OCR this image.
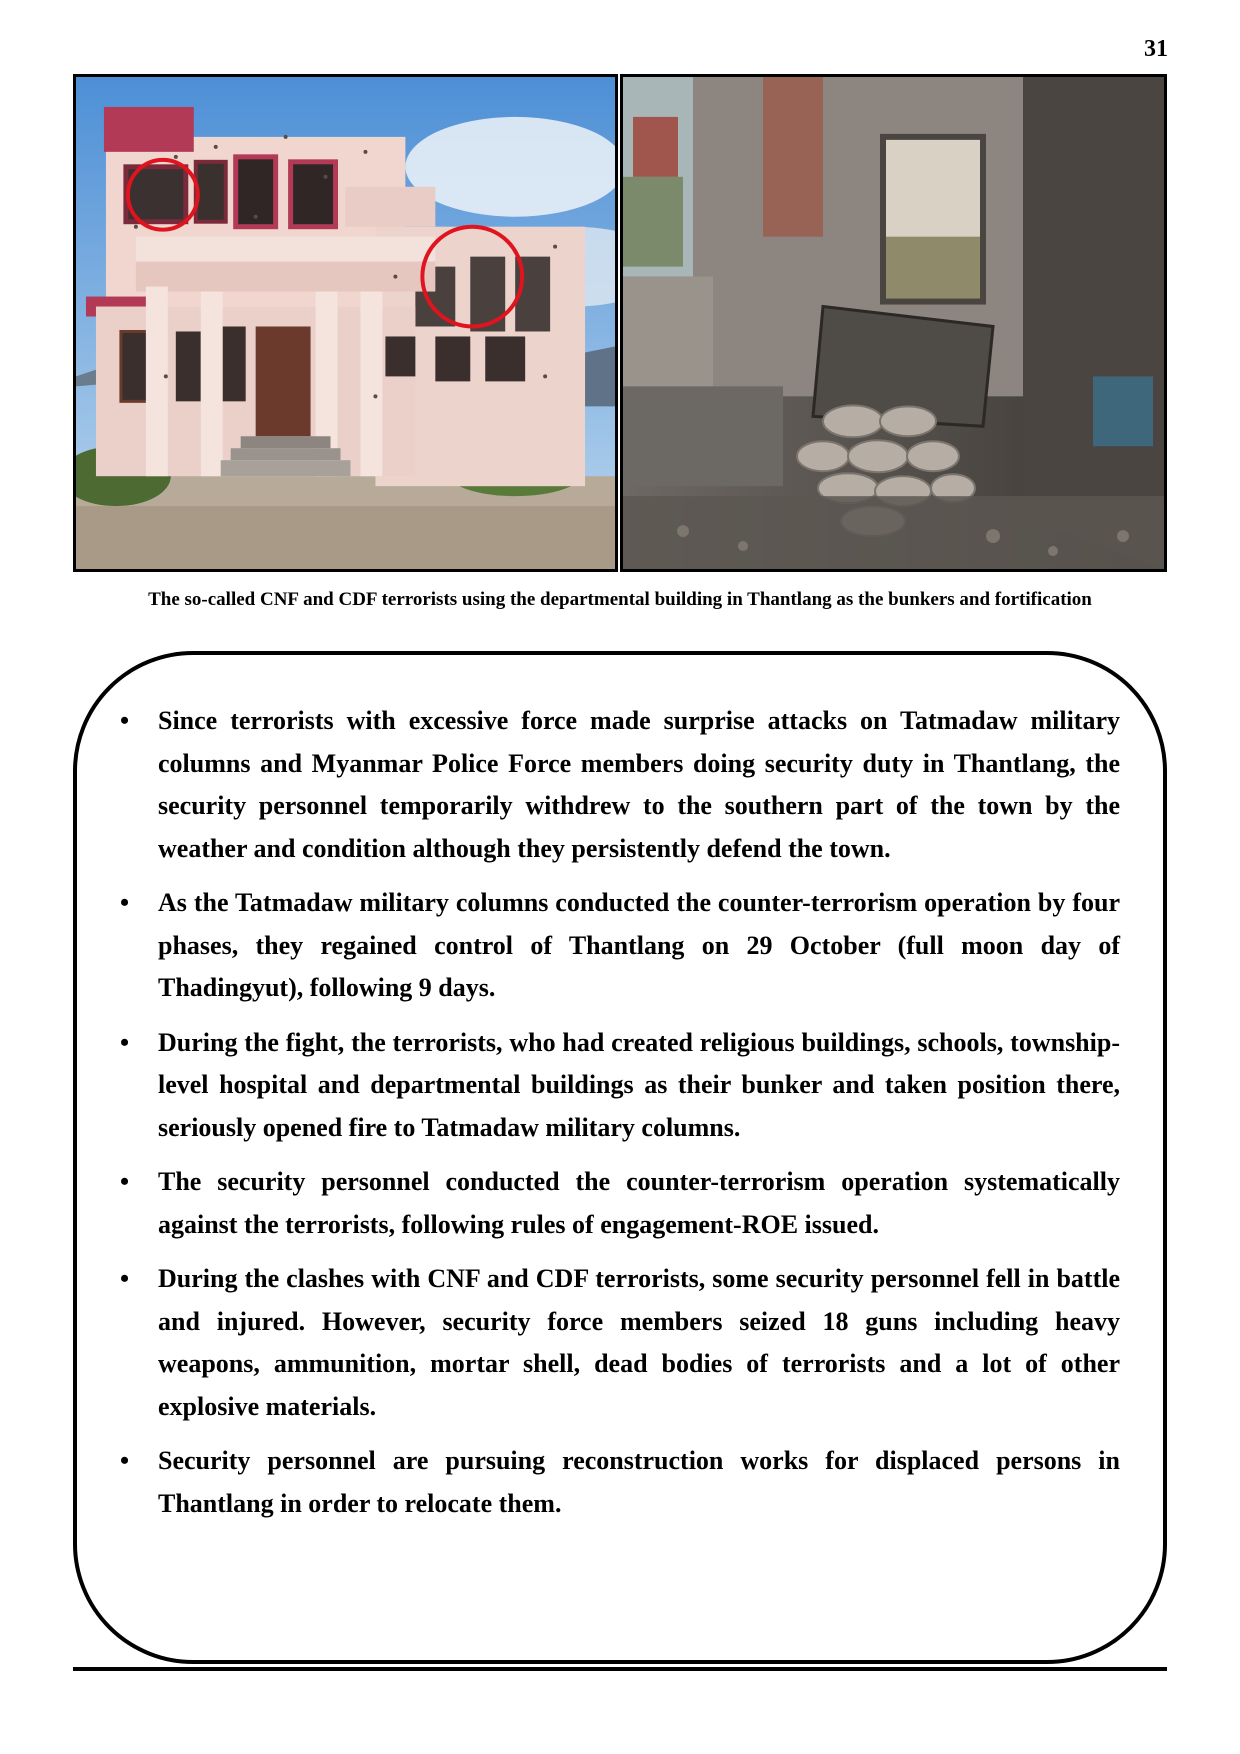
31
The so-called CNF and CDF terrorists using the departmental building in Thantlang as the bunkers and fortification
• Since terrorists with excessive force made surprise attacks on Tatmadaw military columns and Myanmar Police Force members doing security duty in Thantlang, the security personnel temporarily withdrew to the southern part of the town by the weather and condition although they persistently defend the town.
• As the Tatmadaw military columns conducted the counter-terrorism operation by four phases, they regained control of Thantlang on 29 October (full moon day of Thadingyut), following 9 days.
• During the fight, the terrorists, who had created religious buildings, schools, township-level hospital and departmental buildings as their bunker and taken position there, seriously opened fire to Tatmadaw military columns.
• The security personnel conducted the counter-terrorism operation systematically against the terrorists, following rules of engagement-ROE issued.
• During the clashes with CNF and CDF terrorists, some security personnel fell in battle and injured. However, security force members seized 18 guns including heavy weapons, ammunition, mortar shell, dead bodies of terrorists and a lot of other explosive materials.
• Security personnel are pursuing reconstruction works for displaced persons in Thantlang in order to relocate them.
